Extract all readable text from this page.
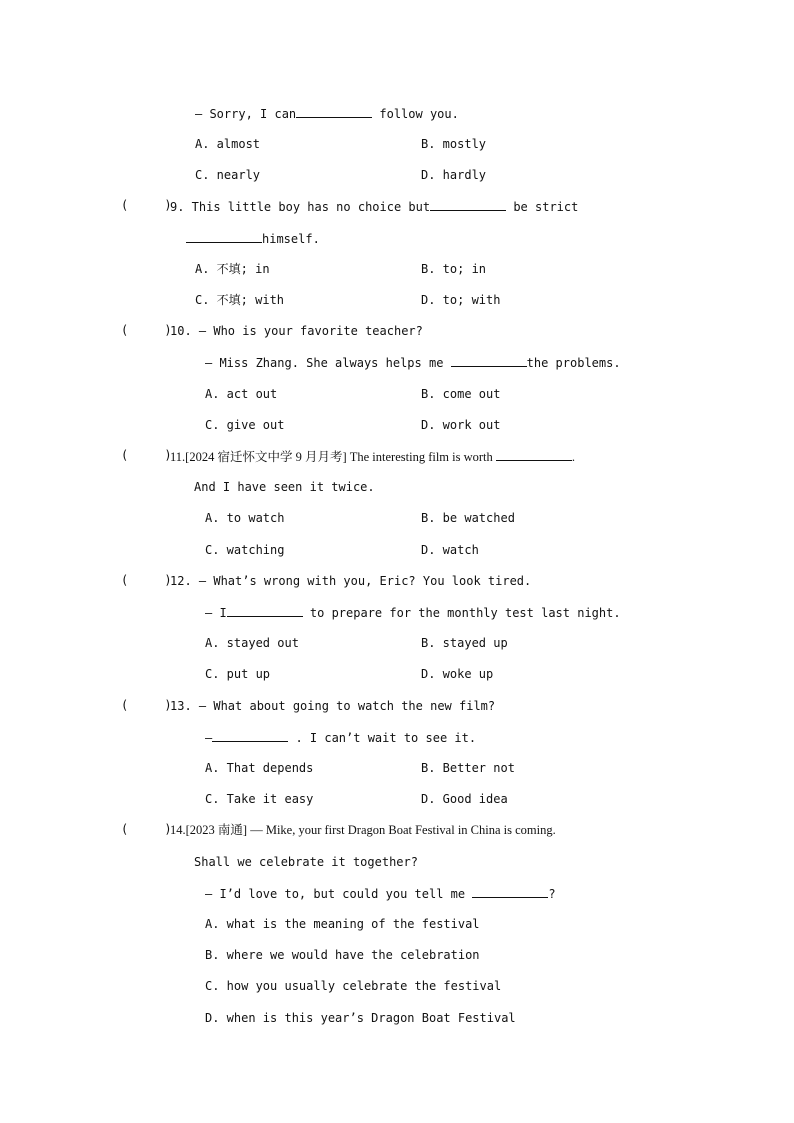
— Sorry, I can	follow you.
A. almost	B. mostly
C. nearly	D. hardly
(     )
9. This little boy has no choice but	be strict
himself.
A. 不填; in	B. to; in
C. 不填; with	D. to; with
(     )
10. — Who is your favorite teacher?
— Miss Zhang. She always helps me	the problems.
A. act out	B. come out
C. give out	D. work out
(     )
11.[2024 宿迁怀文中学 9 月月考] The interesting film is worth	.
And I have seen it twice.
A. to watch	B. be watched
C. watching	D. watch
(     )
12. — What’s wrong with you, Eric? You look tired.
— I	to prepare for the monthly test last night.
A. stayed out	B. stayed up
C. put up	D. woke up
(     )
13. — What about going to watch the new film?
—	. I can’t wait to see it.
A. That depends	B. Better not
C. Take it easy	D. Good idea
(     )
14.[2023 南通] — Mike, your first Dragon Boat Festival in China is coming.
Shall we celebrate it together?
— I’d love to, but could you tell me	?
A. what is the meaning of the festival
B. where we would have the celebration
C. how you usually celebrate the festival
D. when is this year’s Dragon Boat Festival
